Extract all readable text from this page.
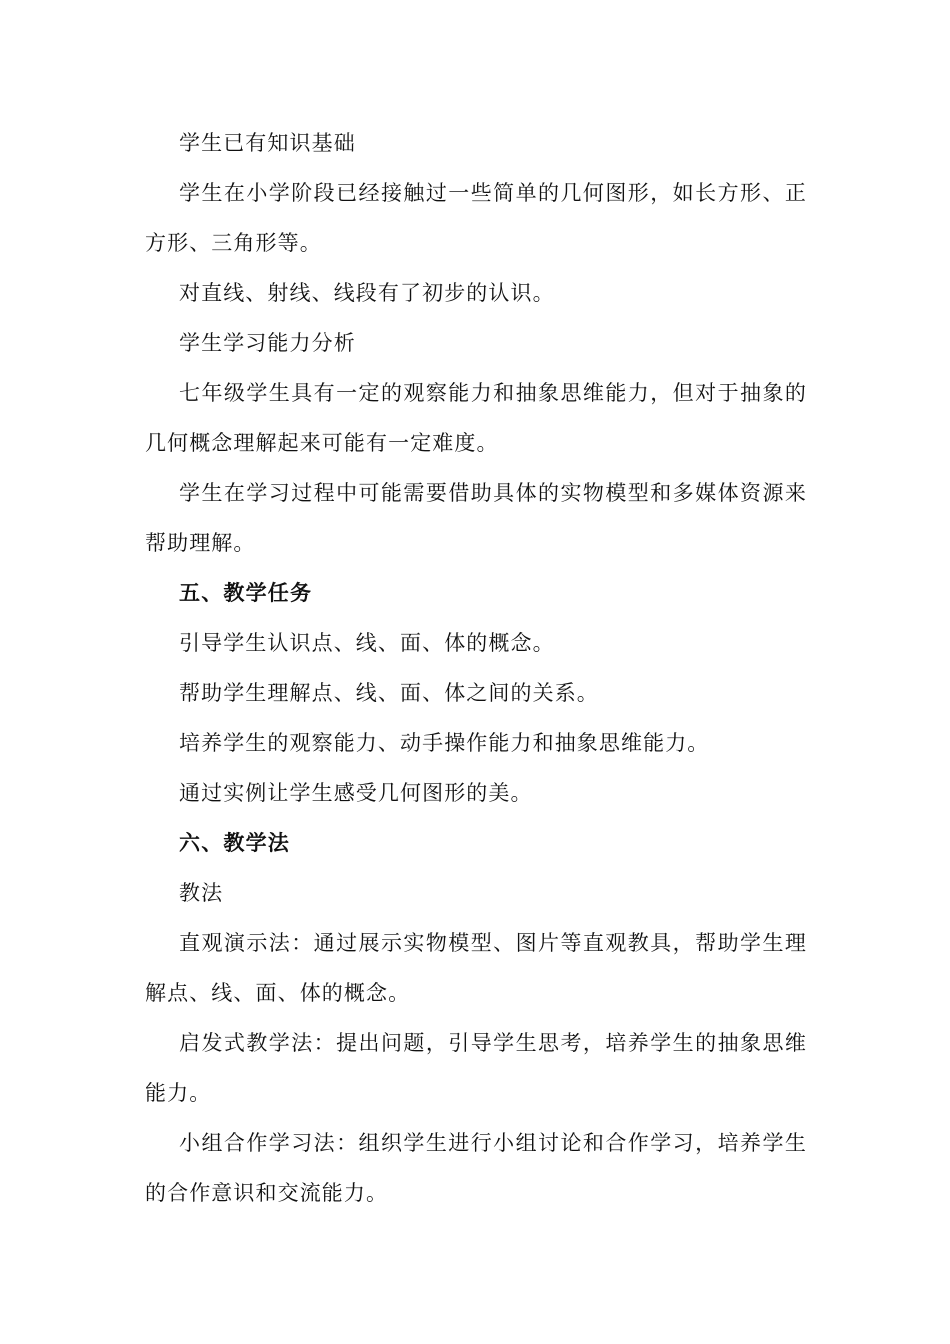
学生已有知识基础

学生在小学阶段已经接触过一些简单的几何图形，如长方形、正方形、三角形等。

对直线、射线、线段有了初步的认识。

学生学习能力分析

七年级学生具有一定的观察能力和抽象思维能力，但对于抽象的几何概念理解起来可能有一定难度。

学生在学习过程中可能需要借助具体的实物模型和多媒体资源来帮助理解。

五、教学任务

引导学生认识点、线、面、体的概念。

帮助学生理解点、线、面、体之间的关系。

培养学生的观察能力、动手操作能力和抽象思维能力。

通过实例让学生感受几何图形的美。

六、教学法

教法

直观演示法：通过展示实物模型、图片等直观教具，帮助学生理解点、线、面、体的概念。

启发式教学法：提出问题，引导学生思考，培养学生的抽象思维能力。

小组合作学习法：组织学生进行小组讨论和合作学习，培养学生的合作意识和交流能力。
